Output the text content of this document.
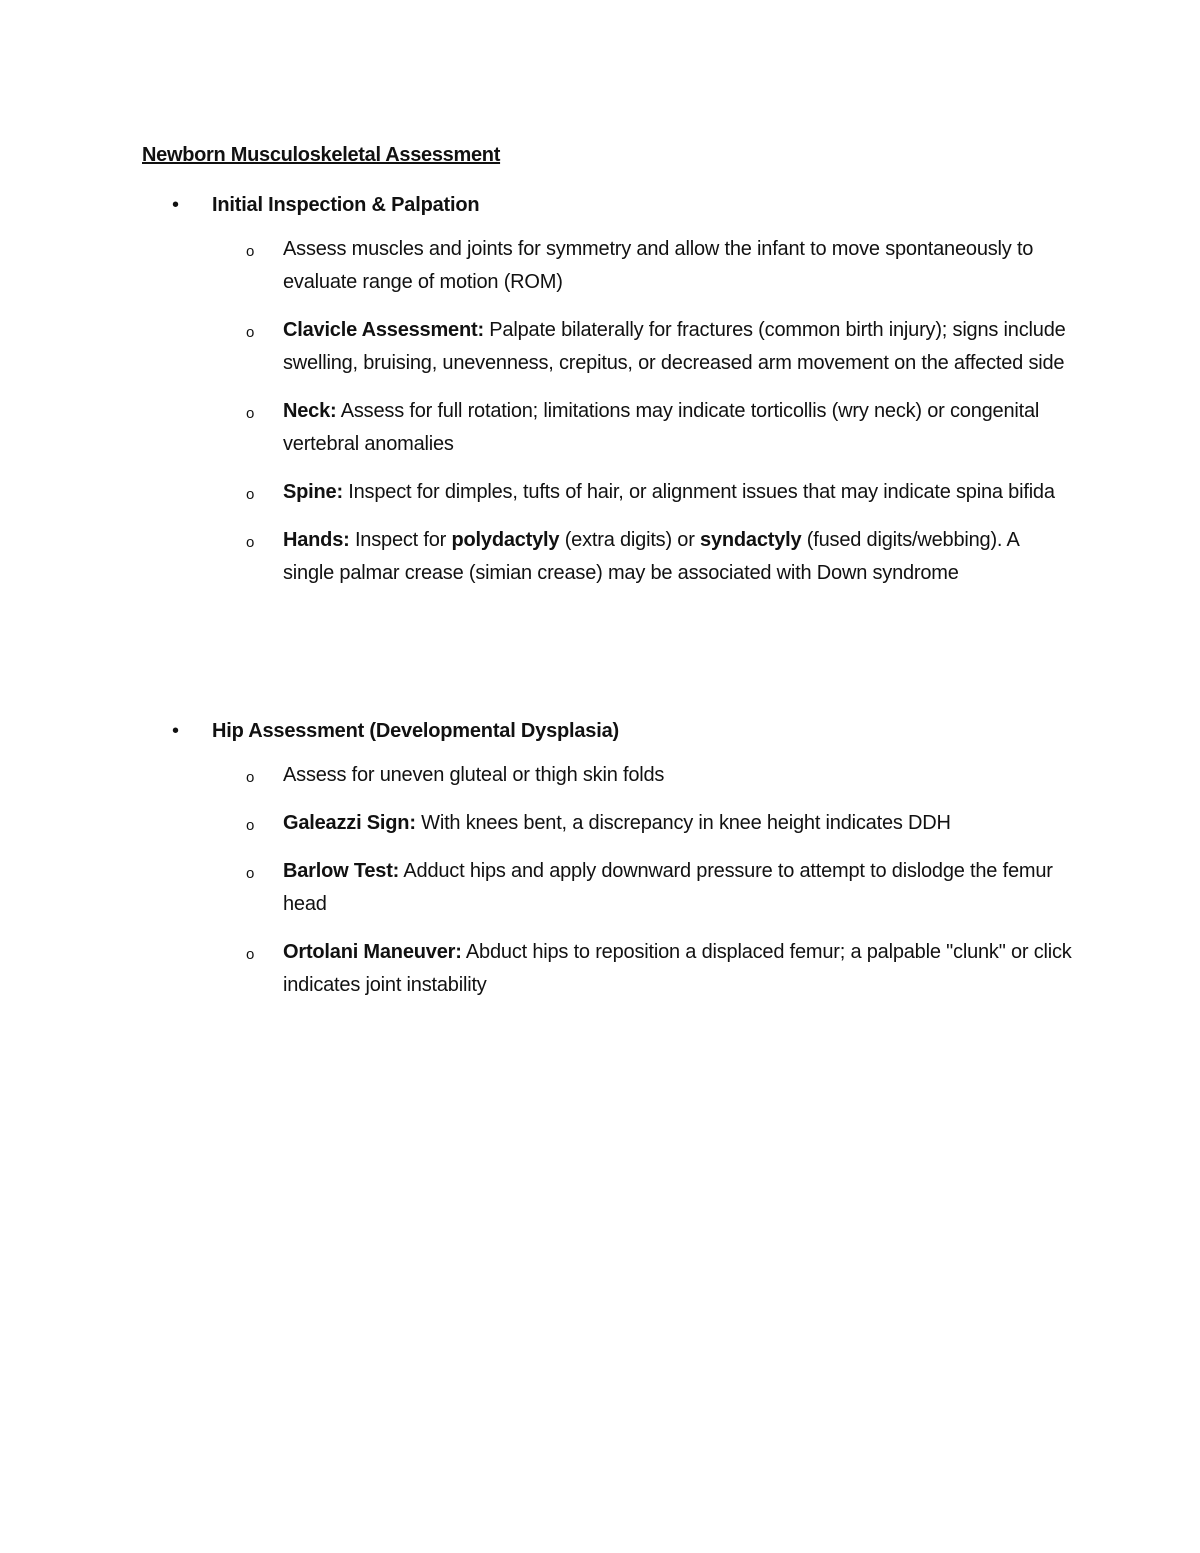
Newborn Musculoskeletal Assessment
• Initial Inspection & Palpation
o Assess muscles and joints for symmetry and allow the infant to move spontaneously to evaluate range of motion (ROM)
o Clavicle Assessment: Palpate bilaterally for fractures (common birth injury); signs include swelling, bruising, unevenness, crepitus, or decreased arm movement on the affected side
o Neck: Assess for full rotation; limitations may indicate torticollis (wry neck) or congenital vertebral anomalies
o Spine: Inspect for dimples, tufts of hair, or alignment issues that may indicate spina bifida
o Hands: Inspect for polydactyly (extra digits) or syndactyly (fused digits/webbing). A single palmar crease (simian crease) may be associated with Down syndrome
• Hip Assessment (Developmental Dysplasia)
o Assess for uneven gluteal or thigh skin folds
o Galeazzi Sign: With knees bent, a discrepancy in knee height indicates DDH
o Barlow Test: Adduct hips and apply downward pressure to attempt to dislodge the femur head
o Ortolani Maneuver: Abduct hips to reposition a displaced femur; a palpable "clunk" or click indicates joint instability
